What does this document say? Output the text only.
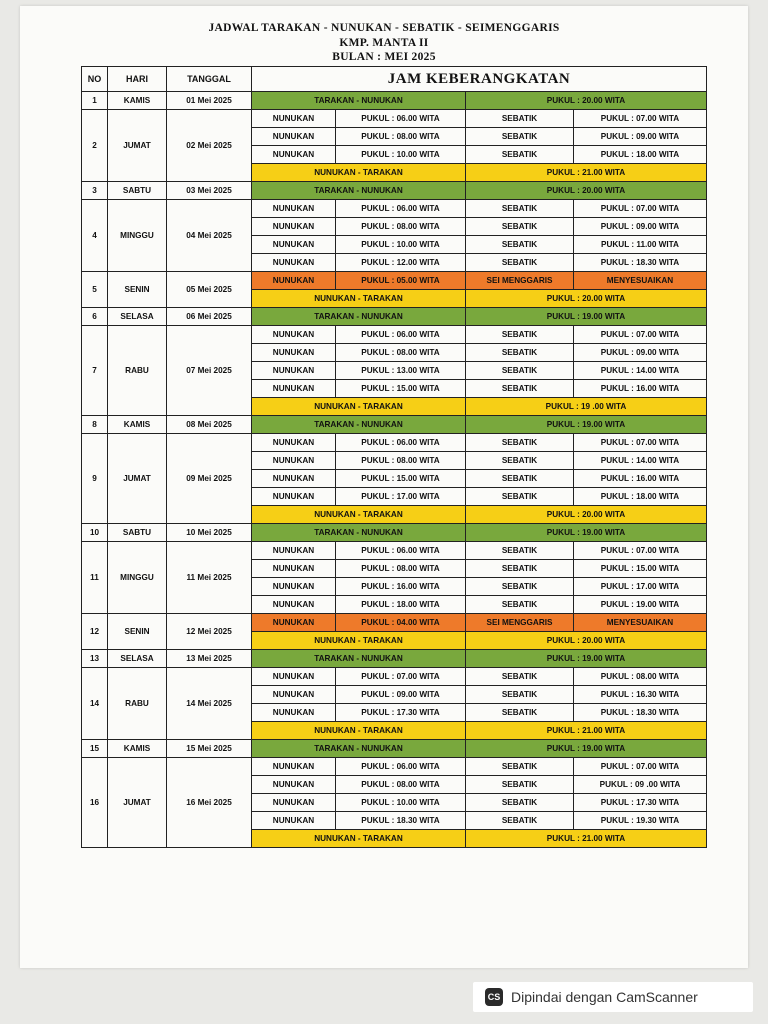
JADWAL TARAKAN - NUNUKAN - SEBATIK - SEIMENGGARIS
KMP. MANTA II
BULAN : MEI 2025
NO	HARI	TANGGAL	JAM KEBERANGKATAN			
1	KAMIS	01 Mei 2025	TARAKAN - NUNUKAN		PUKUL : 20.00 WITA	
2	JUMAT	02 Mei 2025	NUNUKAN	PUKUL : 06.00 WITA	SEBATIK	PUKUL : 07.00 WITA
			NUNUKAN	PUKUL : 08.00 WITA	SEBATIK	PUKUL : 09.00 WITA
			NUNUKAN	PUKUL : 10.00 WITA	SEBATIK	PUKUL : 18.00 WITA
			NUNUKAN - TARAKAN		PUKUL : 21.00 WITA	
3	SABTU	03 Mei 2025	TARAKAN - NUNUKAN		PUKUL : 20.00 WITA	
4	MINGGU	04 Mei 2025	NUNUKAN	PUKUL : 06.00 WITA	SEBATIK	PUKUL : 07.00 WITA
			NUNUKAN	PUKUL : 08.00 WITA	SEBATIK	PUKUL : 09.00 WITA
			NUNUKAN	PUKUL : 10.00 WITA	SEBATIK	PUKUL : 11.00 WITA
			NUNUKAN	PUKUL : 12.00 WITA	SEBATIK	PUKUL : 18.30 WITA
5	SENIN	05 Mei 2025	NUNUKAN	PUKUL : 05.00 WITA	SEI MENGGARIS	MENYESUAIKAN
			NUNUKAN - TARAKAN		PUKUL : 20.00 WITA	
6	SELASA	06 Mei 2025	TARAKAN - NUNUKAN		PUKUL : 19.00 WITA	
7	RABU	07 Mei 2025	NUNUKAN	PUKUL : 06.00 WITA	SEBATIK	PUKUL : 07.00 WITA
			NUNUKAN	PUKUL : 08.00 WITA	SEBATIK	PUKUL : 09.00 WITA
			NUNUKAN	PUKUL : 13.00 WITA	SEBATIK	PUKUL : 14.00 WITA
			NUNUKAN	PUKUL : 15.00 WITA	SEBATIK	PUKUL : 16.00 WITA
			NUNUKAN - TARAKAN		PUKUL : 19 .00 WITA	
8	KAMIS	08 Mei 2025	TARAKAN - NUNUKAN		PUKUL : 19.00 WITA	
9	JUMAT	09 Mei 2025	NUNUKAN	PUKUL : 06.00 WITA	SEBATIK	PUKUL : 07.00 WITA
			NUNUKAN	PUKUL : 08.00 WITA	SEBATIK	PUKUL : 14.00 WITA
			NUNUKAN	PUKUL : 15.00 WITA	SEBATIK	PUKUL : 16.00 WITA
			NUNUKAN	PUKUL : 17.00 WITA	SEBATIK	PUKUL : 18.00 WITA
			NUNUKAN - TARAKAN		PUKUL : 20.00 WITA	
10	SABTU	10 Mei 2025	TARAKAN - NUNUKAN		PUKUL : 19.00 WITA	
11	MINGGU	11 Mei 2025	NUNUKAN	PUKUL : 06.00 WITA	SEBATIK	PUKUL : 07.00 WITA
			NUNUKAN	PUKUL : 08.00 WITA	SEBATIK	PUKUL : 15.00 WITA
			NUNUKAN	PUKUL : 16.00 WITA	SEBATIK	PUKUL : 17.00 WITA
			NUNUKAN	PUKUL : 18.00 WITA	SEBATIK	PUKUL : 19.00 WITA
12	SENIN	12 Mei 2025	NUNUKAN	PUKUL : 04.00 WITA	SEI MENGGARIS	MENYESUAIKAN
			NUNUKAN - TARAKAN		PUKUL : 20.00 WITA	
13	SELASA	13 Mei 2025	TARAKAN - NUNUKAN		PUKUL : 19.00 WITA	
14	RABU	14 Mei 2025	NUNUKAN	PUKUL : 07.00 WITA	SEBATIK	PUKUL : 08.00 WITA
			NUNUKAN	PUKUL : 09.00 WITA	SEBATIK	PUKUL : 16.30 WITA
			NUNUKAN	PUKUL : 17.30 WITA	SEBATIK	PUKUL : 18.30 WITA
			NUNUKAN - TARAKAN		PUKUL : 21.00 WITA	
15	KAMIS	15 Mei 2025	TARAKAN - NUNUKAN		PUKUL : 19.00 WITA	
16	JUMAT	16 Mei 2025	NUNUKAN	PUKUL : 06.00 WITA	SEBATIK	PUKUL : 07.00 WITA
			NUNUKAN	PUKUL : 08.00 WITA	SEBATIK	PUKUL : 09 .00 WITA
			NUNUKAN	PUKUL : 10.00 WITA	SEBATIK	PUKUL : 17.30 WITA
			NUNUKAN	PUKUL : 18.30 WITA	SEBATIK	PUKUL : 19.30 WITA
			NUNUKAN - TARAKAN		PUKUL : 21.00 WITA	
CS Dipindai dengan CamScanner
